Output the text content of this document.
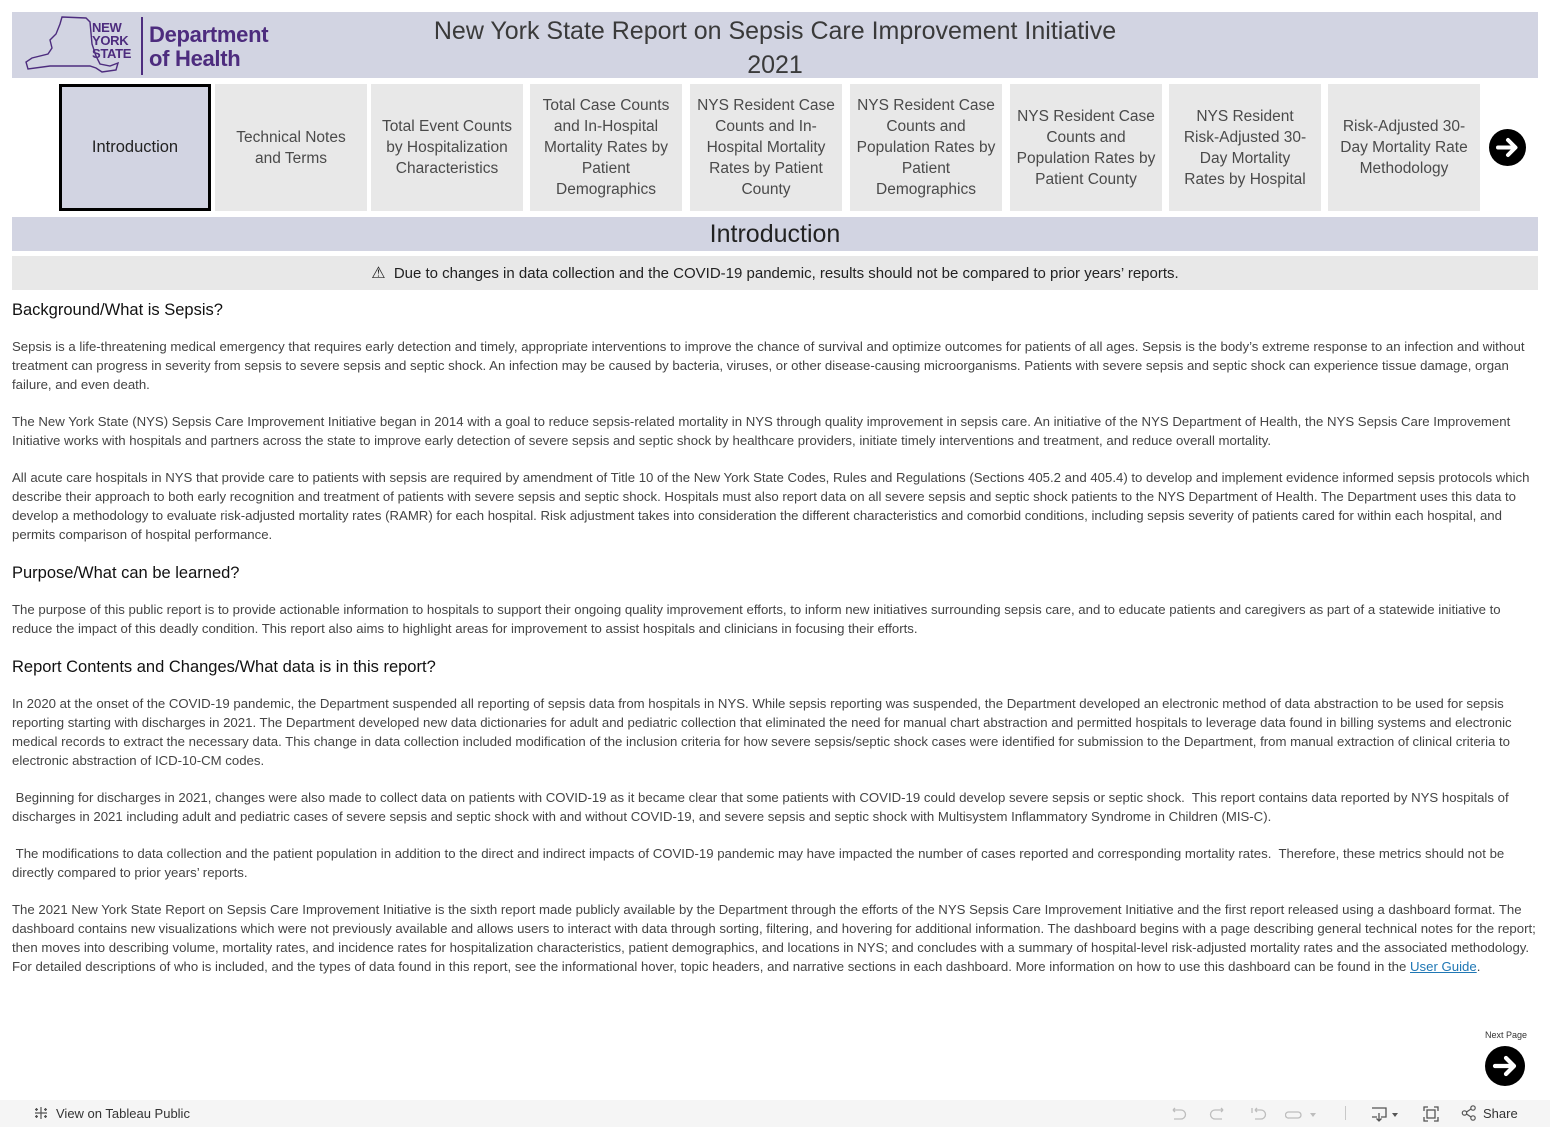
NEW
YORK
STATE
Department
of Health
New York State Report on Sepsis Care Improvement Initiative
2021
Introduction
Technical Notes and Terms
Total Event Counts by Hospitalization Characteristics
Total Case Counts and In-Hospital Mortality Rates by Patient Demographics
NYS Resident Case Counts and In-Hospital Mortality Rates by Patient County
NYS Resident Case Counts and Population Rates by Patient Demographics
NYS Resident Case Counts and Population Rates by Patient County
NYS Resident Risk-Adjusted 30-Day Mortality Rates by Hospital
Risk-Adjusted 30-Day Mortality Rate Methodology
Introduction
⚠ Due to changes in data collection and the COVID-19 pandemic, results should not be compared to prior years’ reports.
Background/What is Sepsis?

Sepsis is a life-threatening medical emergency that requires early detection and timely, appropriate interventions to improve the chance of survival and optimize outcomes for patients of all ages. Sepsis is the body’s extreme response to an infection and without treatment can progress in severity from sepsis to severe sepsis and septic shock. An infection may be caused by bacteria, viruses, or other disease-causing microorganisms. Patients with severe sepsis and septic shock can experience tissue damage, organ failure, and even death.

The New York State (NYS) Sepsis Care Improvement Initiative began in 2014 with a goal to reduce sepsis-related mortality in NYS through quality improvement in sepsis care. An initiative of the NYS Department of Health, the NYS Sepsis Care Improvement Initiative works with hospitals and partners across the state to improve early detection of severe sepsis and septic shock by healthcare providers, initiate timely interventions and treatment, and reduce overall mortality.

All acute care hospitals in NYS that provide care to patients with sepsis are required by amendment of Title 10 of the New York State Codes, Rules and Regulations (Sections 405.2 and 405.4) to develop and implement evidence informed sepsis protocols which describe their approach to both early recognition and treatment of patients with severe sepsis and septic shock. Hospitals must also report data on all severe sepsis and septic shock patients to the NYS Department of Health. The Department uses this data to develop a methodology to evaluate risk-adjusted mortality rates (RAMR) for each hospital. Risk adjustment takes into consideration the different characteristics and comorbid conditions, including sepsis severity of patients cared for within each hospital, and permits comparison of hospital performance.

Purpose/What can be learned?

The purpose of this public report is to provide actionable information to hospitals to support their ongoing quality improvement efforts, to inform new initiatives surrounding sepsis care, and to educate patients and caregivers as part of a statewide initiative to reduce the impact of this deadly condition. This report also aims to highlight areas for improvement to assist hospitals and clinicians in focusing their efforts.

Report Contents and Changes/What data is in this report?

In 2020 at the onset of the COVID-19 pandemic, the Department suspended all reporting of sepsis data from hospitals in NYS. While sepsis reporting was suspended, the Department developed an electronic method of data abstraction to be used for sepsis reporting starting with discharges in 2021. The Department developed new data dictionaries for adult and pediatric collection that eliminated the need for manual chart abstraction and permitted hospitals to leverage data found in billing systems and electronic medical records to extract the necessary data. This change in data collection included modification of the inclusion criteria for how severe sepsis/septic shock cases were identified for submission to the Department, from manual extraction of clinical criteria to electronic abstraction of ICD-10-CM codes.

Beginning for discharges in 2021, changes were also made to collect data on patients with COVID-19 as it became clear that some patients with COVID-19 could develop severe sepsis or septic shock.  This report contains data reported by NYS hospitals of discharges in 2021 including adult and pediatric cases of severe sepsis and septic shock with and without COVID-19, and severe sepsis and septic shock with Multisystem Inflammatory Syndrome in Children (MIS-C).

The modifications to data collection and the patient population in addition to the direct and indirect impacts of COVID-19 pandemic may have impacted the number of cases reported and corresponding mortality rates.  Therefore, these metrics should not be directly compared to prior years’ reports.

The 2021 New York State Report on Sepsis Care Improvement Initiative is the sixth report made publicly available by the Department through the efforts of the NYS Sepsis Care Improvement Initiative and the first report released using a dashboard format. The dashboard contains new visualizations which were not previously available and allows users to interact with data through sorting, filtering, and hovering for additional information. The dashboard begins with a page describing general technical notes for the report; then moves into describing volume, mortality rates, and incidence rates for hospitalization characteristics, patient demographics, and locations in NYS; and concludes with a summary of hospital-level risk-adjusted mortality rates and the associated methodology. For detailed descriptions of who is included, and the types of data found in this report, see the informational hover, topic headers, and narrative sections in each dashboard. More information on how to use this dashboard can be found in the User Guide.

Next Page
View on Tableau Public	Share
